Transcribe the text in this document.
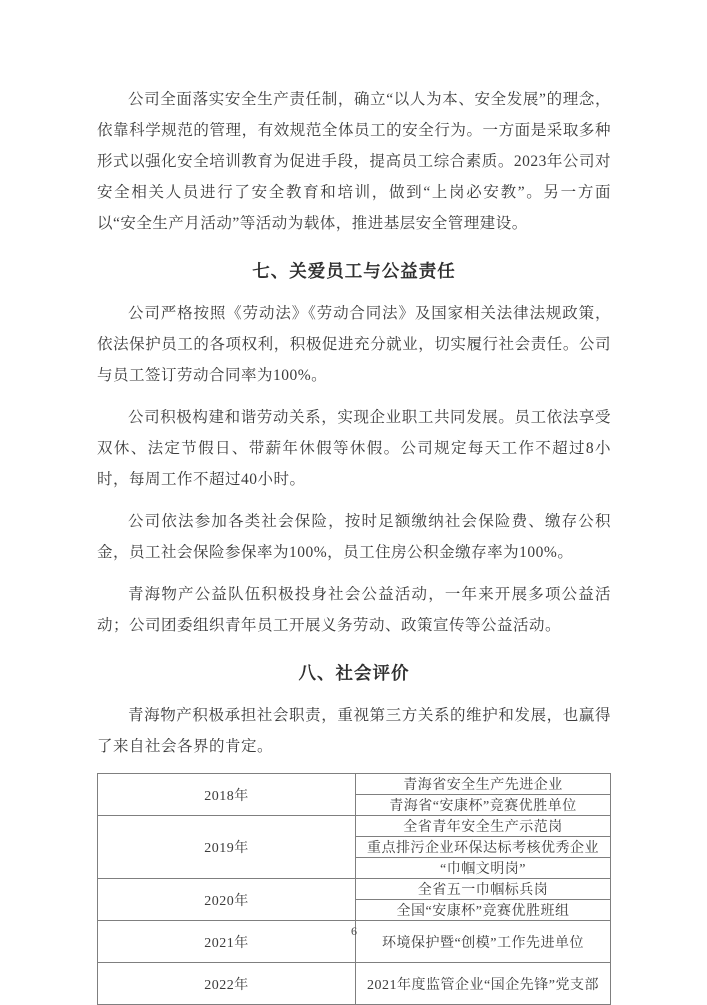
公司全面落实安全生产责任制，确立“以人为本、安全发展”的理念，依靠科学规范的管理，有效规范全体员工的安全行为。一方面是采取多种形式以强化安全培训教育为促进手段，提高员工综合素质。2023年公司对安全相关人员进行了安全教育和培训，做到“上岗必安教”。另一方面以“安全生产月活动”等活动为载体，推进基层安全管理建设。

七、关爱员工与公益责任

公司严格按照《劳动法》《劳动合同法》及国家相关法律法规政策，依法保护员工的各项权利，积极促进充分就业，切实履行社会责任。公司与员工签订劳动合同率为100%。

公司积极构建和谐劳动关系，实现企业职工共同发展。员工依法享受双休、法定节假日、带薪年休假等休假。公司规定每天工作不超过8小时，每周工作不超过40小时。

公司依法参加各类社会保险，按时足额缴纳社会保险费、缴存公积金，员工社会保险参保率为100%，员工住房公积金缴存率为100%。

青海物产公益队伍积极投身社会公益活动，一年来开展多项公益活动；公司团委组织青年员工开展义务劳动、政策宣传等公益活动。

八、社会评价

青海物产积极承担社会职责，重视第三方关系的维护和发展，也赢得了来自社会各界的肯定。

2018年	青海省安全生产先进企业
	青海省“安康杯”竞赛优胜单位
2019年	全省青年安全生产示范岗
	重点排污企业环保达标考核优秀企业
	“巾帼文明岗”
2020年	全省五一巾帼标兵岗
	全国“安康杯”竞赛优胜班组
2021年	环境保护暨“创模”工作先进单位
2022年	2021年度监管企业“国企先锋”党支部
6
